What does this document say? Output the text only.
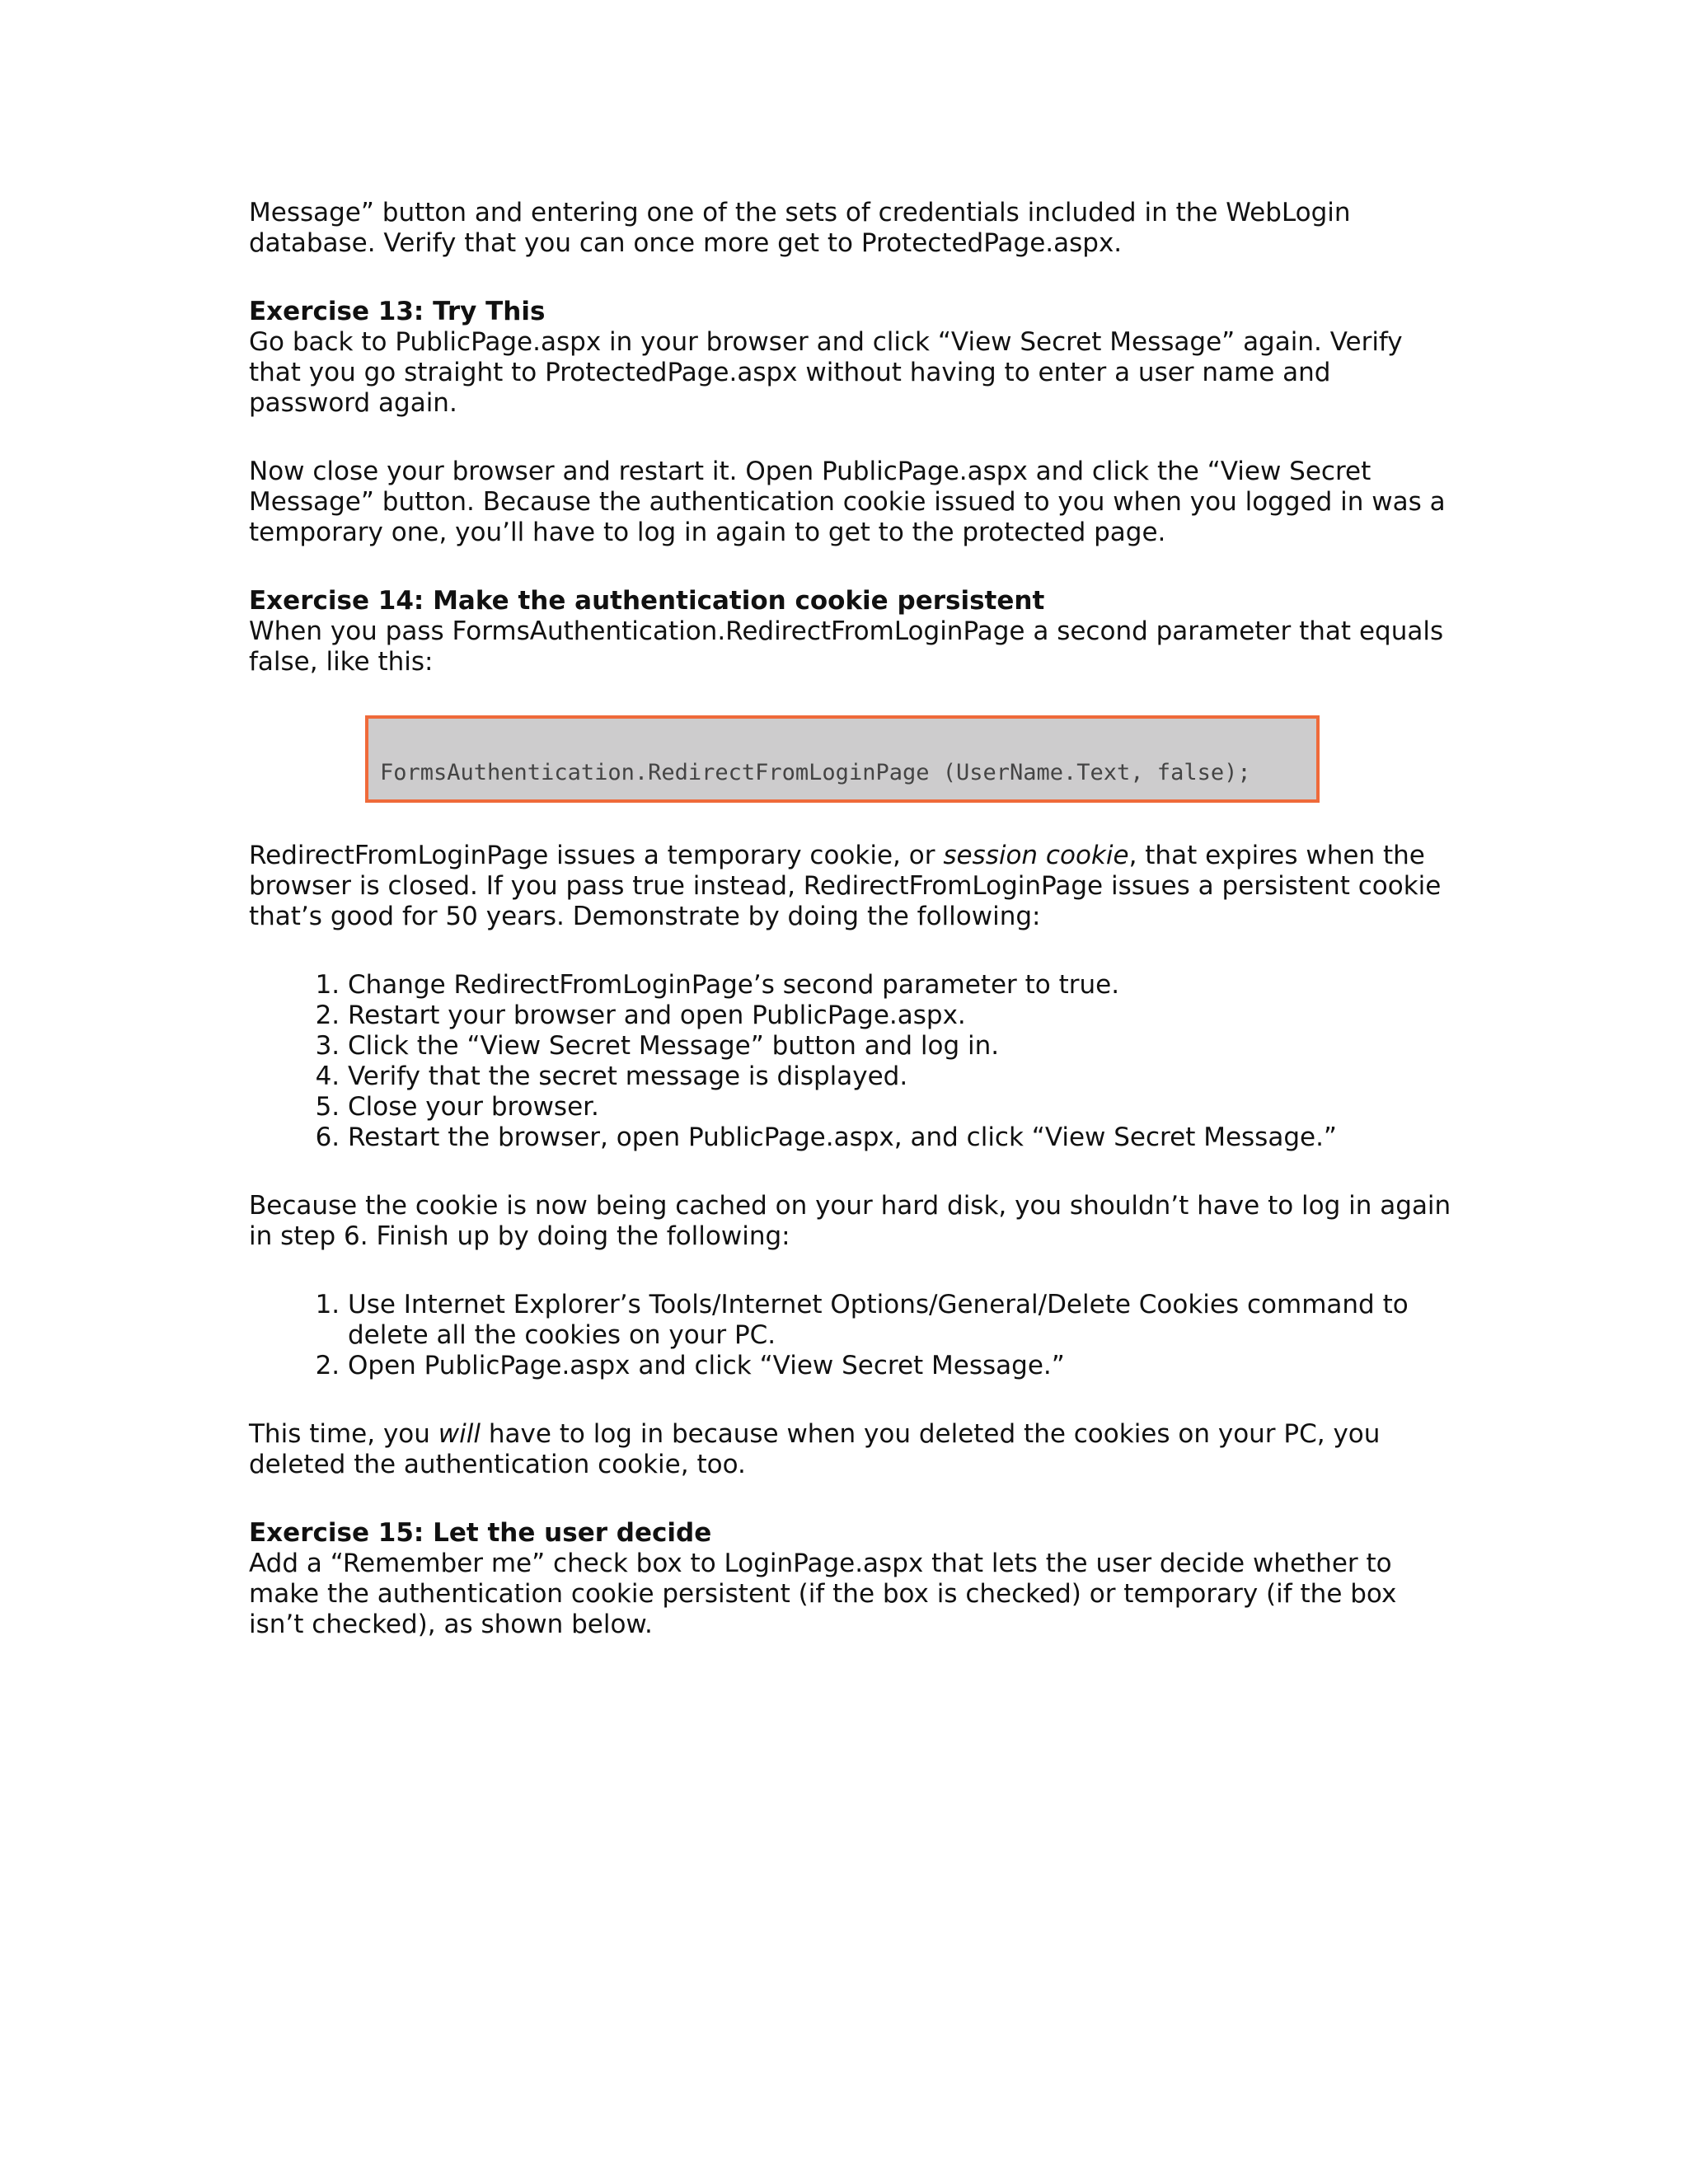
Message” button and entering one of the sets of credentials included in the WebLogin database. Verify that you can once more get to ProtectedPage.aspx.

Exercise 13: Try This
Go back to PublicPage.aspx in your browser and click “View Secret Message” again. Verify that you go straight to ProtectedPage.aspx without having to enter a user name and password again.

Now close your browser and restart it. Open PublicPage.aspx and click the “View Secret Message” button. Because the authentication cookie issued to you when you logged in was a temporary one, you’ll have to log in again to get to the protected page.

Exercise 14: Make the authentication cookie persistent
When you pass FormsAuthentication.RedirectFromLoginPage a second parameter that equals false, like this:

FormsAuthentication.RedirectFromLoginPage (UserName.Text, false);

RedirectFromLoginPage issues a temporary cookie, or session cookie, that expires when the browser is closed. If you pass true instead, RedirectFromLoginPage issues a persistent cookie that’s good for 50 years. Demonstrate by doing the following:

1. Change RedirectFromLoginPage’s second parameter to true.
2. Restart your browser and open PublicPage.aspx.
3. Click the “View Secret Message” button and log in.
4. Verify that the secret message is displayed.
5. Close your browser.
6. Restart the browser, open PublicPage.aspx, and click “View Secret Message.”

Because the cookie is now being cached on your hard disk, you shouldn’t have to log in again in step 6. Finish up by doing the following:

1. Use Internet Explorer’s Tools/Internet Options/General/Delete Cookies command to delete all the cookies on your PC.
2. Open PublicPage.aspx and click “View Secret Message.”

This time, you will have to log in because when you deleted the cookies on your PC, you deleted the authentication cookie, too.

Exercise 15: Let the user decide
Add a “Remember me” check box to LoginPage.aspx that lets the user decide whether to make the authentication cookie persistent (if the box is checked) or temporary (if the box isn’t checked), as shown below.
